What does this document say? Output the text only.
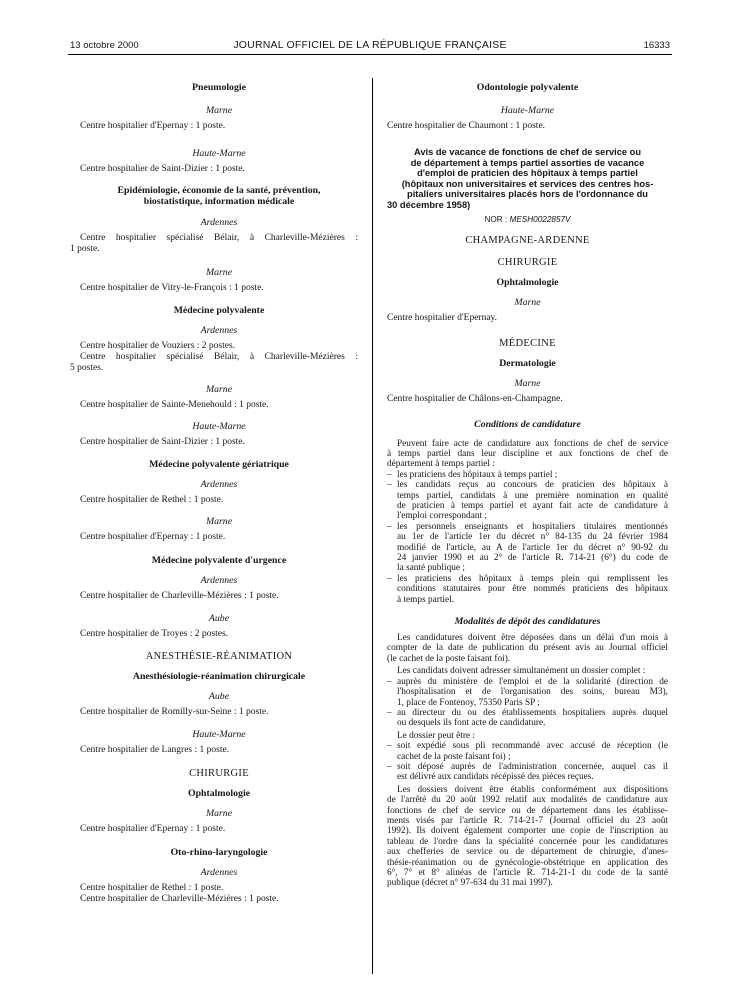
13 octobre 2000	JOURNAL OFFICIEL DE LA RÉPUBLIQUE FRANÇAISE	16333
Pneumologie
Marne
Centre hospitalier d'Epernay : 1 poste.
Haute-Marne
Centre hospitalier de Saint-Dizier : 1 poste.
Epidémiologie, économie de la santé, prévention,
biostatistique, information médicale
Ardennes
Centre hospitalier spécialisé Bélair, à Charleville-Mézières :
1 poste.
Marne
Centre hospitalier de Vitry-le-François : 1 poste.
Médecine polyvalente
Ardennes
Centre hospitalier de Vouziers : 2 postes.
Centre hospitalier spécialisé Bélair, à Charleville-Mézières :
5 postes.
Marne
Centre hospitalier de Sainte-Menehould : 1 poste.
Haute-Marne
Centre hospitalier de Saint-Dizier : 1 poste.
Médecine polyvalente gériatrique
Ardennes
Centre hospitalier de Rethel : 1 poste.
Marne
Centre hospitalier d'Epernay : 1 poste.
Médecine polyvalente d'urgence
Ardennes
Centre hospitalier de Charleville-Mézières : 1 poste.
Aube
Centre hospitalier de Troyes : 2 postes.
ANESTHÉSIE-RÉANIMATION
Anesthésiologie-réanimation chirurgicale
Aube
Centre hospitalier de Romilly-sur-Seine : 1 poste.
Haute-Marne
Centre hospitalier de Langres : 1 poste.
CHIRURGIE
Ophtalmologie
Marne
Centre hospitalier d'Epernay : 1 poste.
Oto-rhino-laryngologie
Ardennes
Centre hospitalier de Rethel : 1 poste.
Centre hospitalier de Charleville-Mézières : 1 poste.
Odontologie polyvalente
Haute-Marne
Centre hospitalier de Chaumont : 1 poste.
Avis de vacance de fonctions de chef de service ou
de département à temps partiel assorties de vacance
d'emploi de praticien des hôpitaux à temps partiel
(hôpitaux non universitaires et services des centres hos-
pitaliers universitaires placés hors de l'ordonnance du
30 décembre 1958)
NOR : MESH0022857V
CHAMPAGNE-ARDENNE
CHIRURGIE
Ophtalmologie
Marne
Centre hospitalier d'Epernay.
MÉDECINE
Dermatologie
Marne
Centre hospitalier de Châlons-en-Champagne.
Conditions de candidature
Peuvent faire acte de candidature aux fonctions de chef de service
à temps partiel dans leur discipline et aux fonctions de chef de
département à temps partiel :
– les praticiens des hôpitaux à temps partiel ;
– les candidats reçus au concours de praticien des hôpitaux à
temps partiel, candidats à une première nomination en qualité
de praticien à temps partiel et ayant fait acte de candidature à
l'emploi correspondant ;
– les personnels enseignants et hospitaliers titulaires mentionnés
au 1er de l'article 1er du décret n° 84-135 du 24 février 1984
modifié de l'article, au A de l'article 1er du décret n° 90-92 du
24 janvier 1990 et au 2° de l'article R. 714-21 (6°) du code de
la santé publique ;
– les praticiens des hôpitaux à temps plein qui remplissent les
conditions statutaires pour être nommés praticiens des hôpitaux
à temps partiel.
Modalités de dépôt des candidatures
Les candidatures doivent être déposées dans un délai d'un mois à
compter de la date de publication du présent avis au Journal officiel
(le cachet de la poste faisant foi).
Les candidats doivent adresser simultanément un dossier complet :
– auprès du ministère de l'emploi et de la solidarité (direction de
l'hospitalisation et de l'organisation des soins, bureau M3),
1, place de Fontenoy, 75350 Paris SP ;
– au directeur du ou des établissements hospitaliers auprès duquel
ou desquels ils font acte de candidature.
Le dossier peut être :
– soit expédié sous pli recommandé avec accusé de réception (le
cachet de la poste faisant foi) ;
– soit déposé auprès de l'administration concernée, auquel cas il
est délivré aux candidats récépissé des pièces reçues.
Les dossiers doivent être établis conformément aux dispositions
de l'arrêté du 20 août 1992 relatif aux modalités de candidature aux
fonctions de chef de service ou de département dans les établisse-
ments visés par l'article R. 714-21-7 (Journal officiel du 23 août
1992). Ils doivent également comporter une copie de l'inscription au
tableau de l'ordre dans la spécialité concernée pour les candidatures
aux chefferies de service ou de département de chirurgie, d'anes-
thésie-réanimation ou de gynécologie-obstétrique en application des
6°, 7° et 8° alinéas de l'article R. 714-21-1 du code de la santé
publique (décret n° 97-634 du 31 mai 1997).
